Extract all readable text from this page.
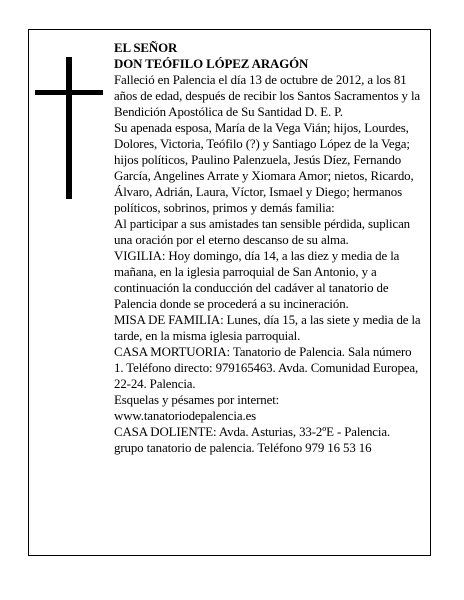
EL SEÑOR

DON TEÓFILO LÓPEZ ARAGÓN

Falleció en Palencia el día 13 de octubre de 2012, a los 81 años de edad, después de recibir los Santos Sacramentos y la Bendición Apostólica de Su Santidad D. E. P.

Su apenada esposa, María de la Vega Vián; hijos, Lourdes, Dolores, Victoria, Teófilo (?) y Santiago López de la Vega; hijos políticos, Paulino Palenzuela, Jesús Díez, Fernando García, Angelines Arrate y Xiomara Amor; nietos, Ricardo, Álvaro, Adrián, Laura, Víctor, Ismael y Diego; hermanos políticos, sobrinos, primos y demás familia:

Al participar a sus amistades tan sensible pérdida, suplican una oración por el eterno descanso de su alma.

VIGILIA: Hoy domingo, día 14, a las diez y media de la mañana, en la iglesia parroquial de San Antonio, y a continuación la conducción del cadáver al tanatorio de Palencia donde se procederá a su incineración.

MISA DE FAMILIA: Lunes, día 15, a las siete y media de la tarde, en la misma iglesia parroquial.

CASA MORTUORIA: Tanatorio de Palencia. Sala número 1. Teléfono directo: 979165463. Avda. Comunidad Europea, 22-24. Palencia.

Esquelas y pésames por internet:

www.tanatoriodepalencia.es

CASA DOLIENTE: Avda. Asturias, 33-2ºE - Palencia.

grupo tanatorio de palencia. Teléfono 979 16 53 16
